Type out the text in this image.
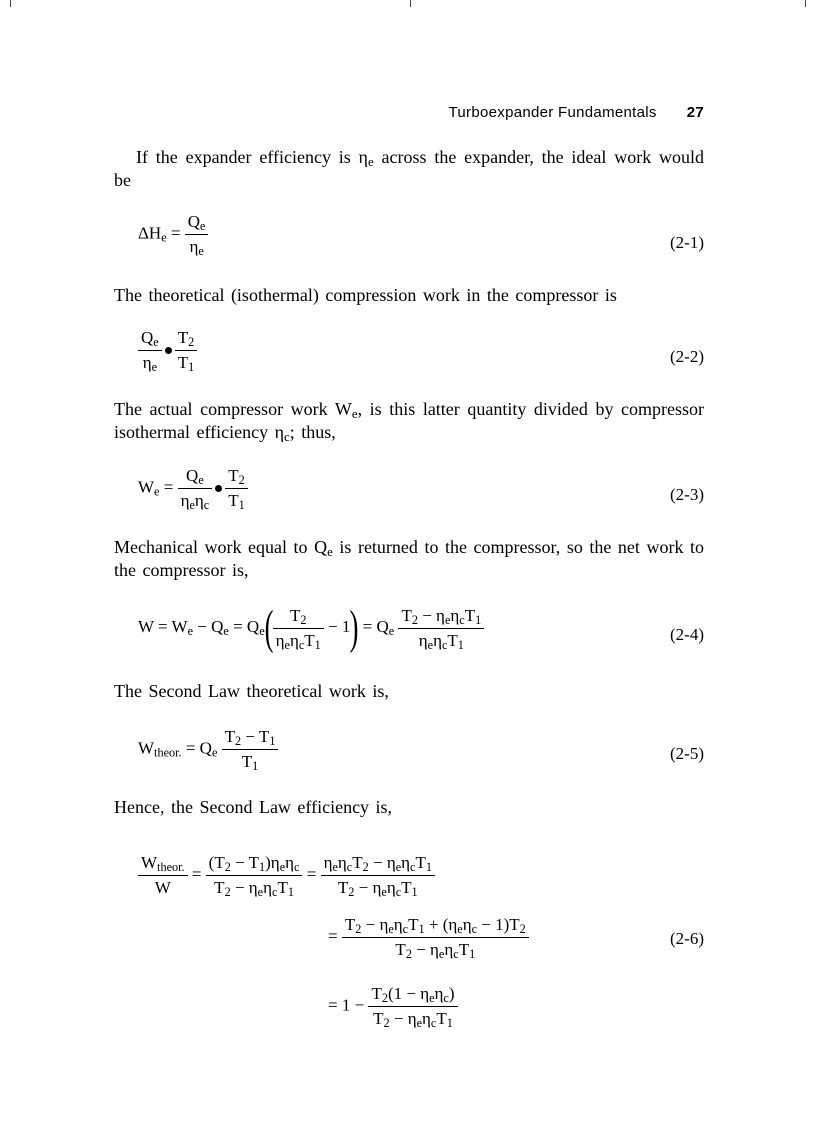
Turboexpander Fundamentals 27
If the expander efficiency is $\eta_e$ across the expander, the ideal work would be
$\Delta H_e = \frac{Q_e}{\eta_e}$	(2-1)
The theoretical (isothermal) compression work in the compressor is
$\frac{Q_e}{\eta_e} \frac{T_2}{T_1}$	(2-2)
The actual compressor work $W_e$, is this latter quantity divided by compressor isothermal efficiency $\eta_c$; thus,
$W_e = \frac{Q_e}{\eta_e\eta_c} \frac{T_2}{T_1}$	(2-3)
Mechanical work equal to $Q_e$ is returned to the compressor, so the net work to the compressor is,
$W = W_e - Q_e = Q_e( \frac{T_2}{\eta_e\eta_cT_1} - 1) = Q_e \frac{T_2 - \eta_e\eta_cT_1}{\eta_e\eta_cT_1}$	(2-4)
The Second Law theoretical work is,
$W_{theor.} = Q_e \frac{T_2 - T_1}{T_1}$	(2-5)
Hence, the Second Law efficiency is,
$\frac{W_{theor.}}{W} = \frac{(T_2 - T_1)\eta_e\eta_c}{T_2 - \eta_e\eta_cT_1} = \frac{\eta_e\eta_cT_2 - \eta_e\eta_cT_1}{T_2 - \eta_e\eta_cT_1}$
= $\frac{T_2 - \eta_e\eta_cT_1 + (\eta_e\eta_c - 1)T_2}{T_2 - \eta_e\eta_cT_1}$	(2-6)
= $1 - \frac{T_2(1 - \eta_e\eta_c)}{T_2 - \eta_e\eta_cT_1}$
